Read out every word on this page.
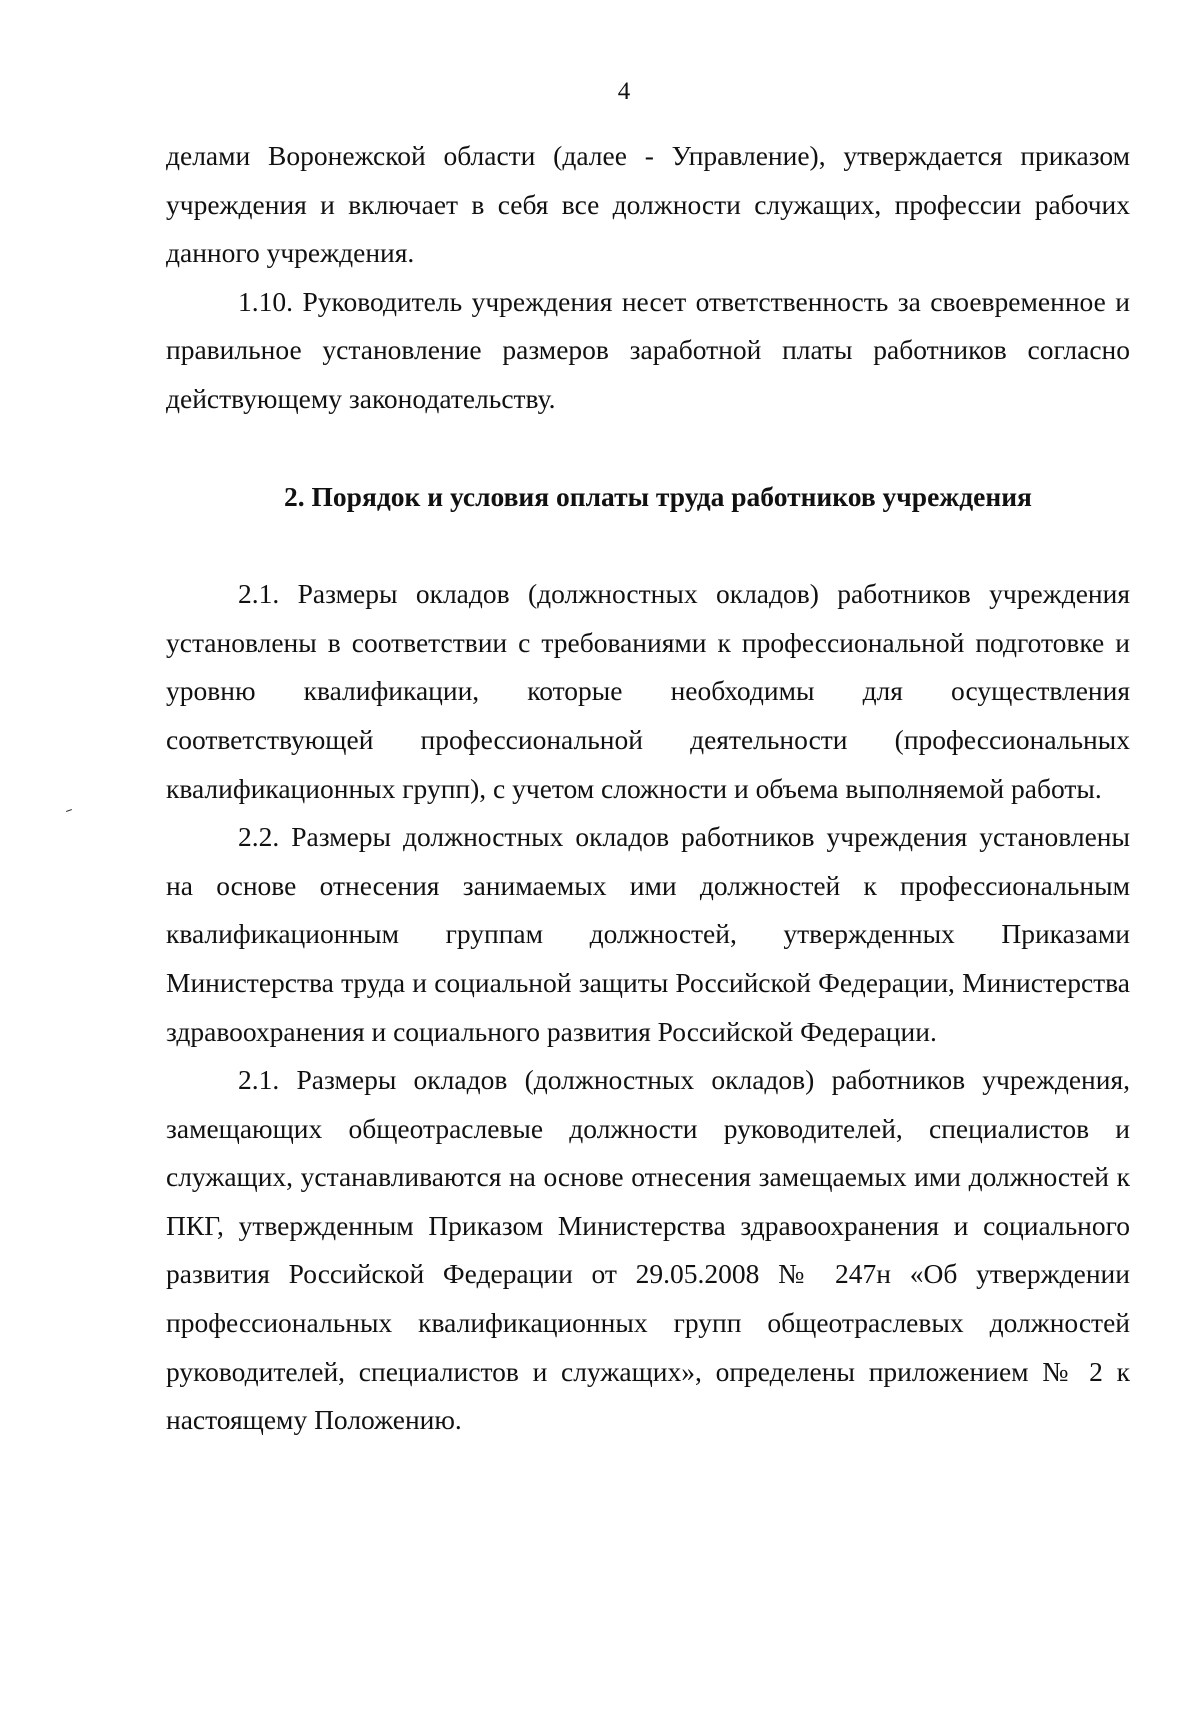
4

делами Воронежской области (далее - Управление), утверждается приказом учреждения и включает в себя все должности служащих, профессии рабочих данного учреждения.

1.10. Руководитель учреждения несет ответственность за своевременное и правильное установление размеров заработной платы работников согласно действующему законодательству.

2. Порядок и условия оплаты труда работников учреждения

2.1. Размеры окладов (должностных окладов) работников учреждения установлены в соответствии с требованиями к профессиональной подготовке и уровню квалификации, которые необходимы для осуществления соответствующей профессиональной деятельности (профессиональных квалификационных групп), с учетом сложности и объема выполняемой работы.

2.2. Размеры должностных окладов работников учреждения установлены на основе отнесения занимаемых ими должностей к профессиональным квалификационным группам должностей, утвержденных Приказами Министерства труда и социальной защиты Российской Федерации, Министерства здравоохранения и социального развития Российской Федерации.

2.1. Размеры окладов (должностных окладов) работников учреждения, замещающих общеотраслевые должности руководителей, специалистов и служащих, устанавливаются на основе отнесения замещаемых ими должностей к ПКГ, утвержденным Приказом Министерства здравоохранения и социального развития Российской Федерации от 29.05.2008 № 247н «Об утверждении профессиональных квалификационных групп общеотраслевых должностей руководителей, специалистов и служащих», определены приложением № 2 к настоящему Положению.
